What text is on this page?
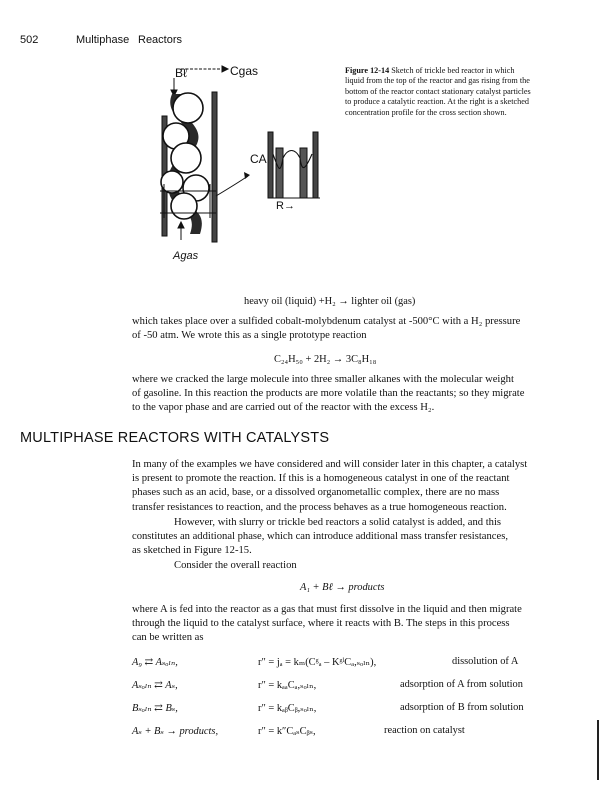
502	Multiphase Reactors
Bℓ	Cgas
CA
R→
Agas
Figure 12-14 Sketch of trickle bed reactor in which
liquid from the top of the reactor and gas rising from the
bottom of the reactor contact stationary catalyst particles
to produce a catalytic reaction. At the right is a sketched
concentration profile for the cross section shown.
heavy oil (liquid) +H₂ → lighter oil (gas)
which takes place over a sulfided cobalt-molybdenum catalyst at -500°C with a H₂ pressure
of -50 atm. We wrote this as a single prototype reaction
C₂₄H₅₀ + 2H₂ → 3C₈H₁₈
where we cracked the large molecule into three smaller alkanes with the molecular weight
of gasoline. In this reaction the products are more volatile than the reactants; so they migrate
to the vapor phase and are carried out of the reactor with the excess H₂.
MULTIPHASE REACTORS WITH CATALYSTS
In many of the examples we have considered and will consider later in this chapter, a catalyst
is present to promote the reaction. If this is a homogeneous catalyst in one of the reactant
phases such as an acid, base, or a dissolved organometallic complex, there are no mass
transfer resistances to reaction, and the process behaves as a true homogeneous reaction.
However, with slurry or trickle bed reactors a solid catalyst is added, and this
constitutes an additional phase, which can introduce additional mass transfer resistances,
as sketched in Figure 12-15.
Consider the overall reaction
A₁ + Bℓ → products
where A is fed into the reactor as a gas that must first dissolve in the liquid and then migrate
through the liquid to the catalyst surface, where it reacts with B. The steps in this process
can be written as
A₉ ⇄ Aₛₒₗₙ,	r″ = jₐ = kₘ(Cᵍₐ – KᵍˡCₐ,ₛₒₗₙ),	dissolution of A
Aₛₒₗₙ ⇄ Aₛ,	r″ = kₐₐCₐ,ₛₒₗₙ,	adsorption of A from solution
Bₛₒₗₙ ⇄ Bₛ,	r″ = kₐᵦCᵦ,ₛₒₗₙ,	adsorption of B from solution
Aₛ + Bₛ → products,	r″ = k″CₐₛCᵦₛ,	reaction on catalyst
